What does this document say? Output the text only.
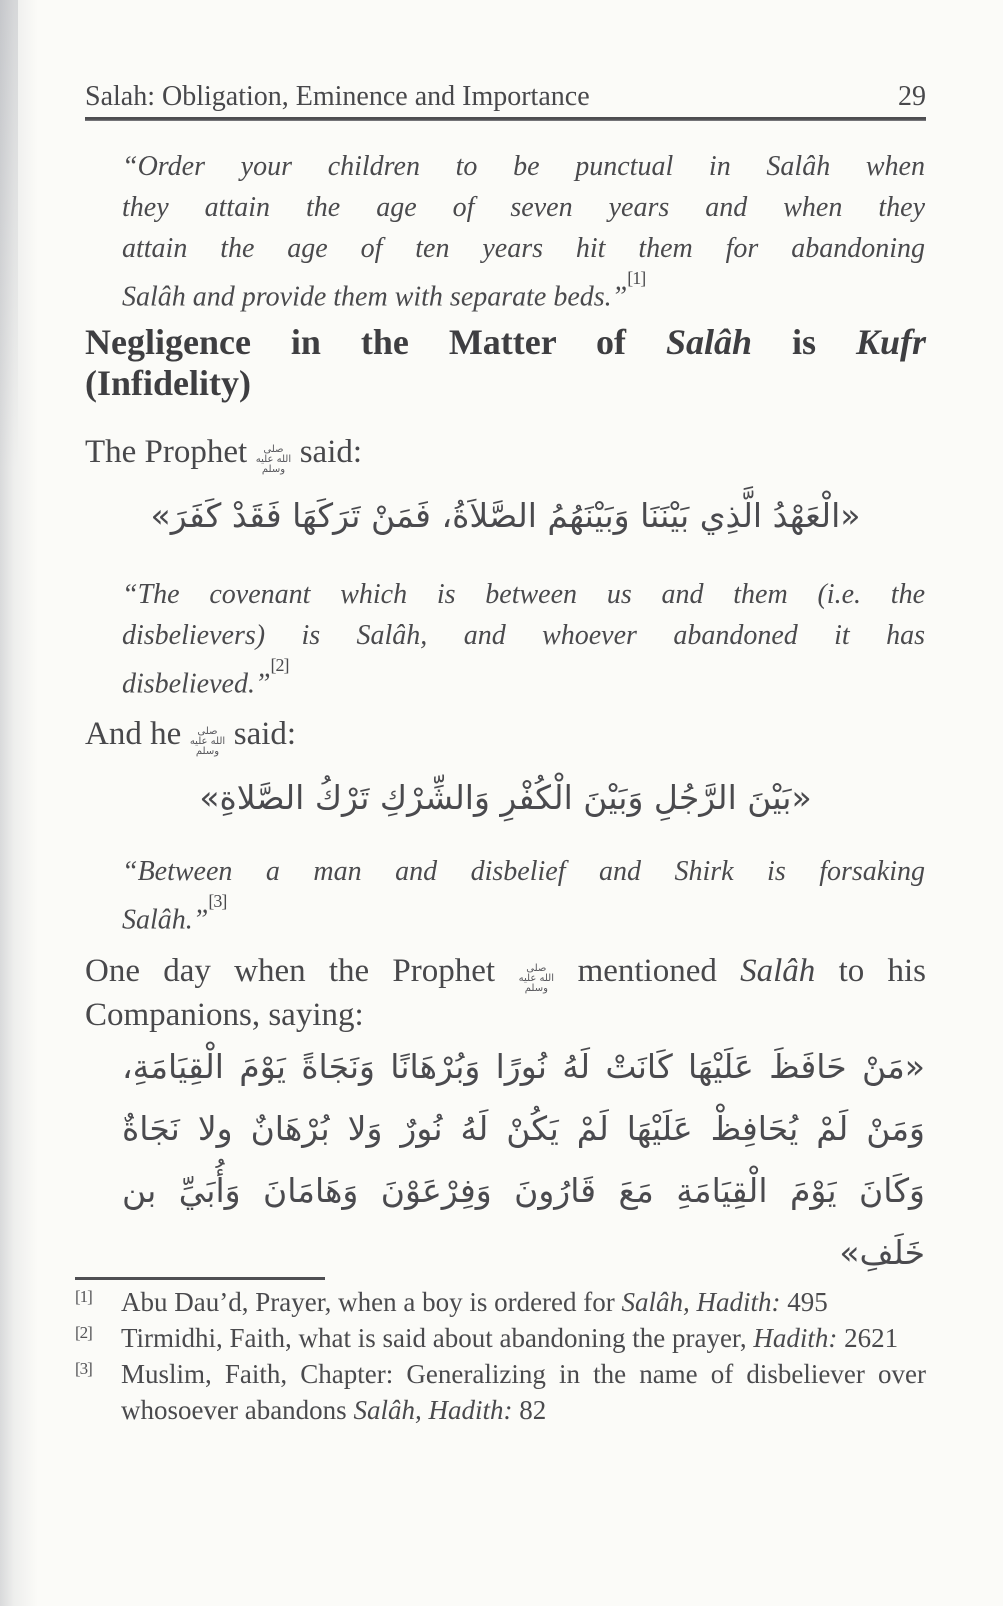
Salah: Obligation, Eminence and Importance	29
“Order your children to be punctual in Salâh when
they attain the age of seven years and when they
attain the age of ten years hit them for abandoning
Salâh and provide them with separate beds.”[1]
Negligence in the Matter of Salâh is Kufr
(Infidelity)
The Prophet صلى الله عليه وسلم said:
«الْعَهْدُ الَّذِي بَيْنَنَا وَبَيْنَهُمُ الصَّلاَةُ، فَمَنْ تَرَكَهَا فَقَدْ كَفَرَ»
“The covenant which is between us and them (i.e. the
disbelievers) is Salâh, and whoever abandoned it has
disbelieved.”[2]
And he صلى الله عليه وسلم said:
«بَيْنَ الرَّجُلِ وَبَيْنَ الْكُفْرِ وَالشِّرْكِ تَرْكُ الصَّلاةِ»
“Between a man and disbelief and Shirk is forsaking
Salâh.”[3]
One day when the Prophet صلى الله عليه وسلم mentioned Salâh to his Companions, saying:
«مَنْ حَافَظَ عَلَيْهَا كَانَتْ لَهُ نُورًا وَبُرْهَانًا وَنَجَاةً يَوْمَ الْقِيَامَةِ،
وَمَنْ لَمْ يُحَافِظْ عَلَيْهَا لَمْ يَكُنْ لَهُ نُورٌ وَلا بُرْهَانٌ ولا نَجَاةٌ
وَكَانَ يَوْمَ الْقِيَامَةِ مَعَ قَارُونَ وَفِرْعَوْنَ وَهَامَانَ وَأُبَيِّ بن خَلَفِ»
[1] Abu Dau’d, Prayer, when a boy is ordered for Salâh, Hadith: 495
[2] Tirmidhi, Faith, what is said about abandoning the prayer, Hadith: 2621
[3] Muslim, Faith, Chapter: Generalizing in the name of disbeliever over whosoever abandons Salâh, Hadith: 82
